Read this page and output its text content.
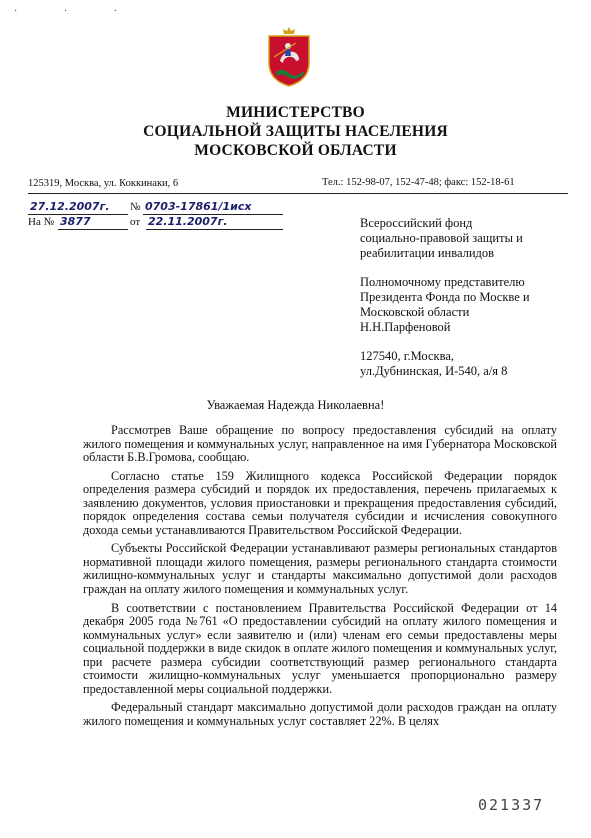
· · ·
МИНИСТЕРСТВО
СОЦИАЛЬНОЙ ЗАЩИТЫ НАСЕЛЕНИЯ
МОСКОВСКОЙ ОБЛАСТИ
125319, Москва, ул. Коккинаки, 6	Тел.: 152-98-07, 152-47-48; факс: 152-18-61
27.12.2007г. № 0703-17861/1исх
На № 3877	от 22.11.2007г.	Всероссийский фонд
социально-правовой защиты и
реабилитации инвалидов

Полномочному представителю
Президента Фонда по Москве и
Московской области
Н.Н.Парфеновой

127540, г.Москва,
ул.Дубнинская, И-540, а/я 8

Уважаемая Надежда Николаевна!

Рассмотрев Ваше обращение по вопросу предоставления субсидий на оплату жилого помещения и коммунальных услуг, направленное на имя Губернатора Московской области Б.В.Громова, сообщаю.

Согласно статье 159 Жилищного кодекса Российской Федерации порядок определения размера субсидий и порядок их предоставления, перечень прилагаемых к заявлению документов, условия приостановки и прекращения предоставления субсидий, порядок определения состава семьи получателя субсидии и исчисления совокупного дохода семьи устанавливаются Правительством Российской Федерации.

Субъекты Российской Федерации устанавливают размеры региональных стандартов нормативной площади жилого помещения, размеры регионального стандарта стоимости жилищно-коммунальных услуг и стандарты максимально допустимой доли расходов граждан на оплату жилого помещения и коммунальных услуг.

В соответствии с постановлением Правительства Российской Федерации от 14 декабря 2005 года №761 «О предоставлении субсидий на оплату жилого помещения и коммунальных услуг» если заявителю и (или) членам его семьи предоставлены меры социальной поддержки в виде скидок в оплате жилого помещения и коммунальных услуг, при расчете размера субсидии соответствующий размер регионального стандарта стоимости жилищно-коммунальных услуг уменьшается пропорционально размеру предоставленной меры социальной поддержки.

Федеральный стандарт максимально допустимой доли расходов граждан на оплату жилого помещения и коммунальных услуг составляет 22%. В целях

021337
